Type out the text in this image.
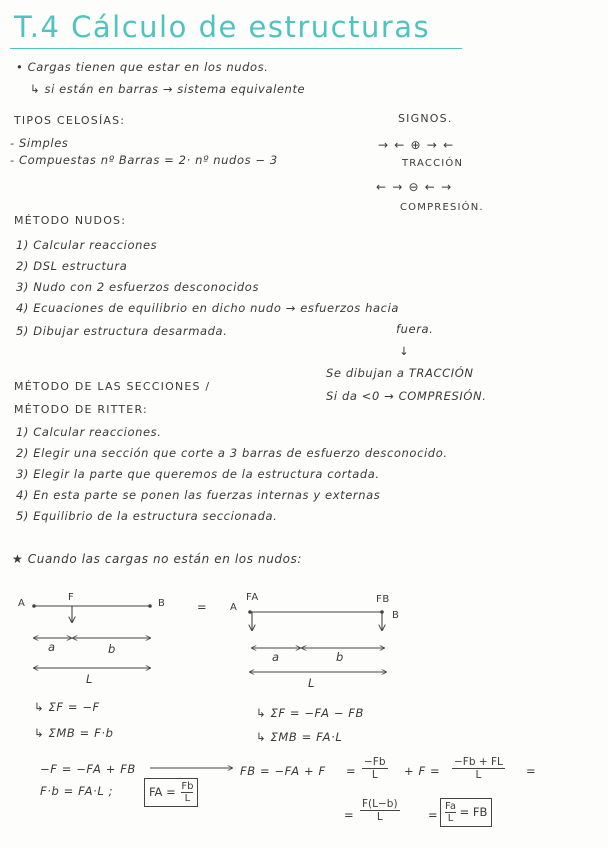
T.4 Cálculo de estructuras
• Cargas tienen que estar en los nudos.
↳ si están en barras → sistema equivalente
TIPOS CELOSÍAS:
- Simples
- Compuestas nº Barras = 2· nº nudos − 3
SIGNOS.
→ ← ⊕ → ←
TRACCIÓN
← → ⊖ ← →
COMPRESIÓN.
MÉTODO NUDOS:
1) Calcular reacciones
2) DSL estructura
3) Nudo con 2 esfuerzos desconocidos
4) Ecuaciones de equilibrio en dicho nudo → esfuerzos hacia
5) Dibujar estructura desarmada.	fuera.
↓
Se dibujan a TRACCIÓN
Si da <0 → COMPRESIÓN.
MÉTODO DE LAS SECCIONES /
MÉTODO DE RITTER:
1) Calcular reacciones.
2) Elegir una sección que corte a 3 barras de esfuerzo desconocido.
3) Elegir la parte que queremos de la estructura cortada.
4) En esta parte se ponen las fuerzas internas y externas
5) Equilibrio de la estructura seccionada.
★ Cuando las cargas no están en los nudos:
A	B
F
a	b
L
= A
B
FA	FB
a	b
L
↳ ΣF = −F
↳ ΣMB = F·b
↳ ΣF = −FA − FB
↳ ΣMB = FA·L
−F = −FA + FB
F·b = FA·L ;	FA = $\frac{Fb}{L}$
FB = $-FA + F = \frac{-Fb}{L} + F = \frac{-Fb + FL}{L}$ =
= $\frac{F(L-b)}{L} = \frac{Fa}{L}$ = FB
